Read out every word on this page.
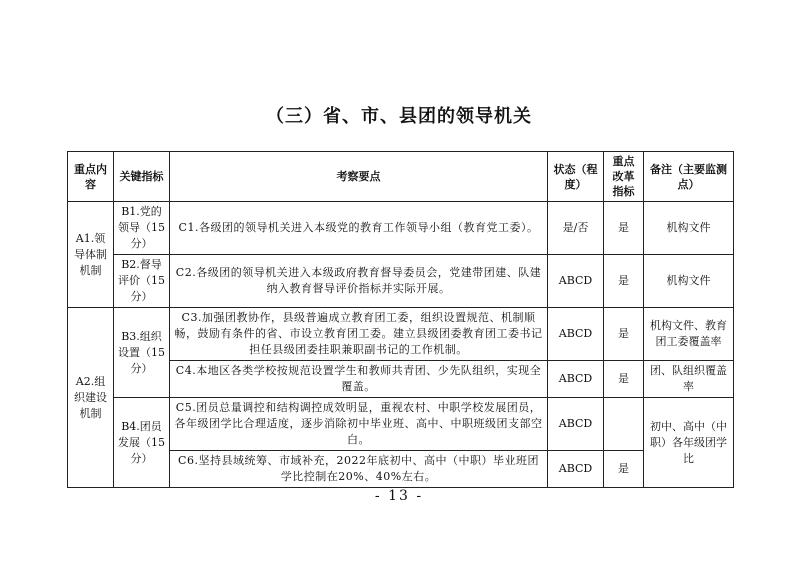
（三）省、市、县团的领导机关
重点内容	关键指标	考察要点	状态（程度）	重点改革指标	备注（主要监测点）
A1.领导体制机制	B1.党的领导（15分）	C1.各级团的领导机关进入本级党的教育工作领导小组（教育党工委）。	是/否	是	机构文件
	B2.督导评价（15分）	C2.各级团的领导机关进入本级政府教育督导委员会，党建带团建、队建纳入教育督导评价指标并实际开展。	ABCD	是	机构文件
A2.组织建设机制	B3.组织设置（15分）	C3.加强团教协作，县级普遍成立教育团工委，组织设置规范、机制顺畅，鼓励有条件的省、市设立教育团工委。建立县级团委教育团工委书记担任县级团委挂职兼职副书记的工作机制。	ABCD	是	机构文件、教育团工委覆盖率
		C4.本地区各类学校按规范设置学生和教师共青团、少先队组织，实现全覆盖。	ABCD	是	团、队组织覆盖率
	B4.团员发展（15分）	C5.团员总量调控和结构调控成效明显，重视农村、中职学校发展团员，各年级团学比合理适度，逐步消除初中毕业班、高中、中职班级团支部空白。	ABCD		初中、高中（中职）各年级团学比
		C6.坚持县域统筹、市域补充，2022年底初中、高中（中职）毕业班团学比控制在20%、40%左右。	ABCD	是	
- 13 -
